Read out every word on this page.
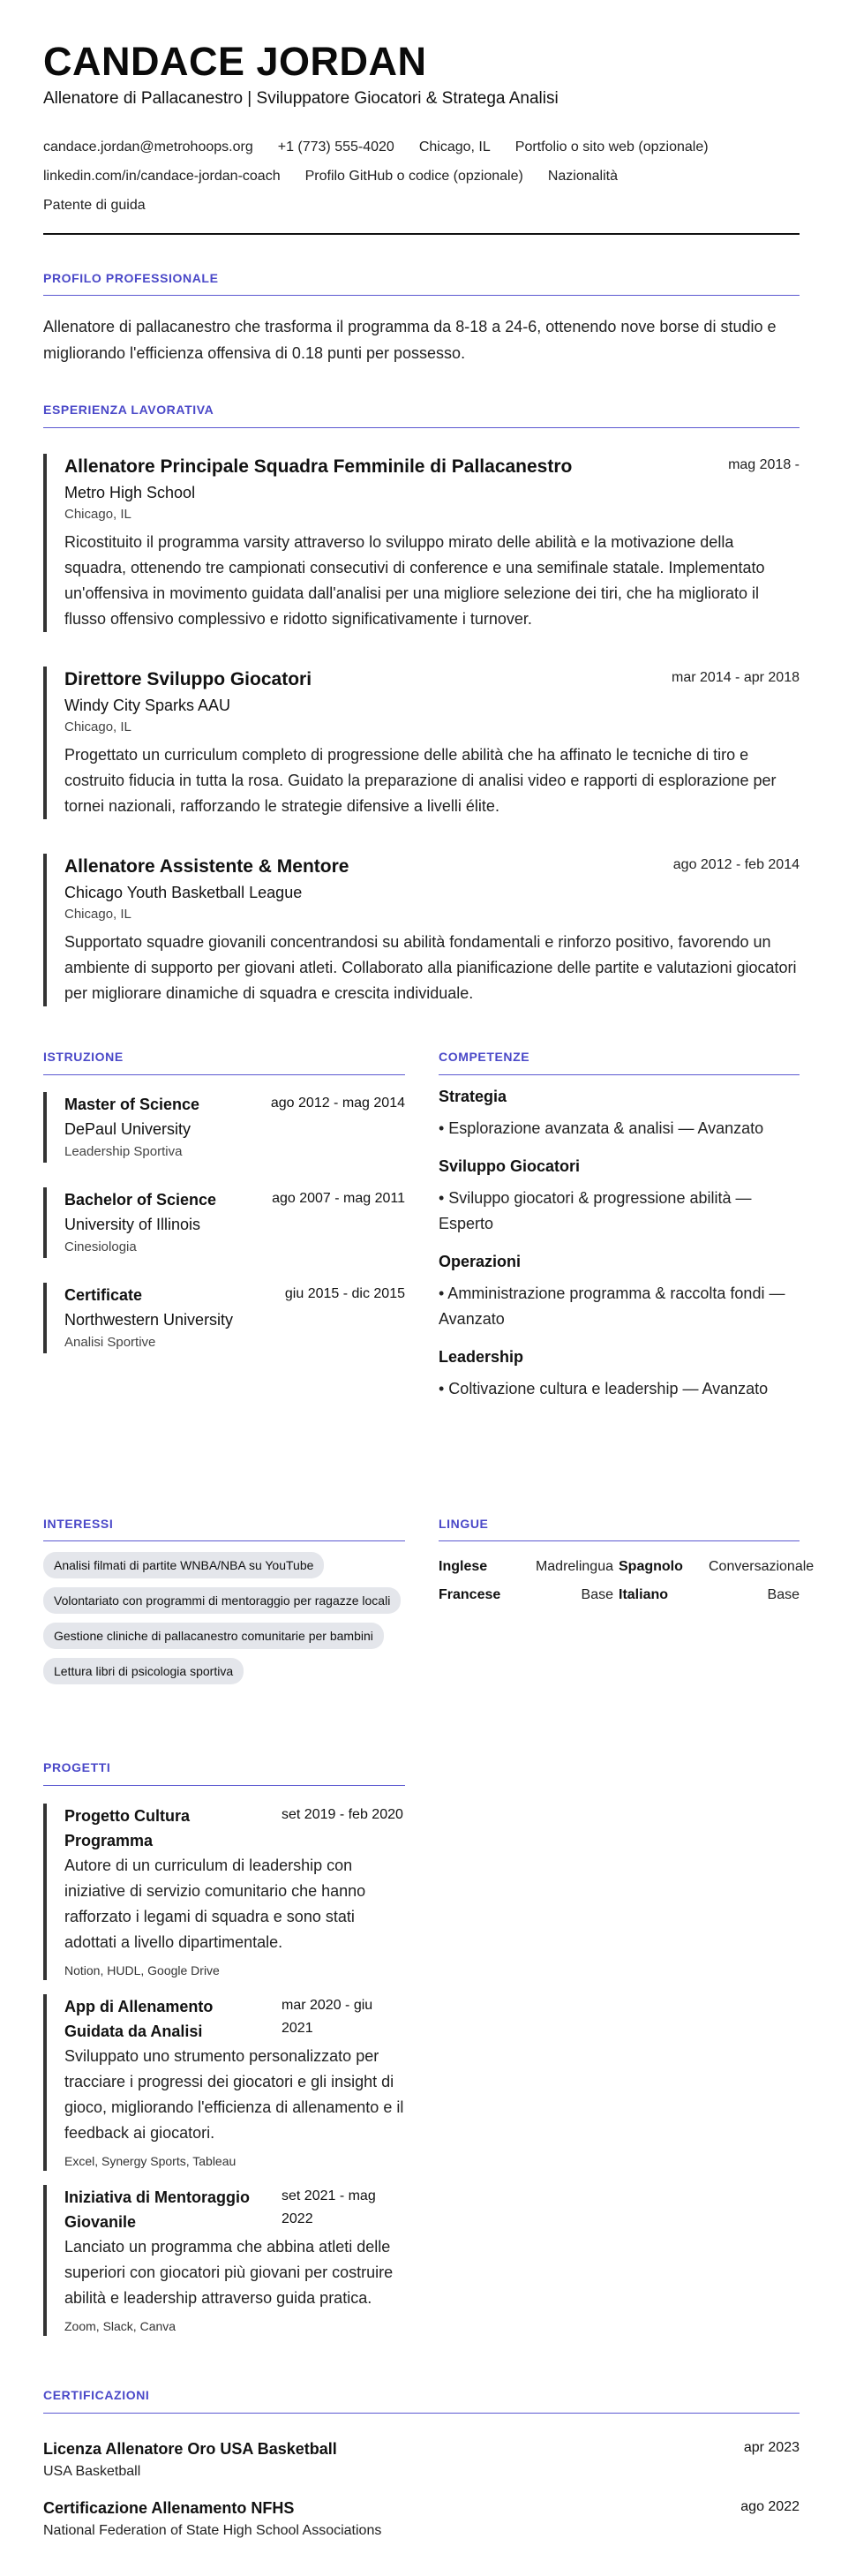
CANDACE JORDAN
Allenatore di Pallacanestro | Sviluppatore Giocatori & Stratega Analisi
candace.jordan@metrohoops.org +1 (773) 555-4020 Chicago, IL Portfolio o sito web (opzionale)
linkedin.com/in/candace-jordan-coach Profilo GitHub o codice (opzionale) Nazionalità
Patente di guida
PROFILO PROFESSIONALE
Allenatore di pallacanestro che trasforma il programma da 8-18 a 24-6, ottenendo nove borse di studio e migliorando l'efficienza offensiva di 0.18 punti per possesso.
ESPERIENZA LAVORATIVA
Allenatore Principale Squadra Femminile di Pallacanestro	mag 2018 -
Metro High School
Chicago, IL
Ricostituito il programma varsity attraverso lo sviluppo mirato delle abilità e la motivazione della squadra, ottenendo tre campionati consecutivi di conference e una semifinale statale. Implementato un'offensiva in movimento guidata dall'analisi per una migliore selezione dei tiri, che ha migliorato il flusso offensivo complessivo e ridotto significativamente i turnover.
Direttore Sviluppo Giocatori	mar 2014 - apr 2018
Windy City Sparks AAU
Chicago, IL
Progettato un curriculum completo di progressione delle abilità che ha affinato le tecniche di tiro e costruito fiducia in tutta la rosa. Guidato la preparazione di analisi video e rapporti di esplorazione per tornei nazionali, rafforzando le strategie difensive a livelli élite.
Allenatore Assistente & Mentore	ago 2012 - feb 2014
Chicago Youth Basketball League
Chicago, IL
Supportato squadre giovanili concentrandosi su abilità fondamentali e rinforzo positivo, favorendo un ambiente di supporto per giovani atleti. Collaborato alla pianificazione delle partite e valutazioni giocatori per migliorare dinamiche di squadra e crescita individuale.
ISTRUZIONE
Master of Science	ago 2012 - mag 2014
DePaul University
Leadership Sportiva
Bachelor of Science	ago 2007 - mag 2011
University of Illinois
Cinesiologia
Certificate	giu 2015 - dic 2015
Northwestern University
Analisi Sportive
COMPETENZE
Strategia
• Esplorazione avanzata & analisi — Avanzato
Sviluppo Giocatori
• Sviluppo giocatori & progressione abilità — Esperto
Operazioni
• Amministrazione programma & raccolta fondi — Avanzato
Leadership
• Coltivazione cultura e leadership — Avanzato
INTERESSI
Analisi filmati di partite WNBA/NBA su YouTube Volontariato con programmi di mentoraggio per ragazze locali Gestione cliniche di pallacanestro comunitarie per bambini Lettura libri di psicologia sportiva
LINGUE
Inglese	Madrelingua Spagnolo	Conversazionale
Francese	Base Italiano	Base
PROGETTI
Progetto Cultura Programma
set 2019 - feb 2020
Autore di un curriculum di leadership con iniziative di servizio comunitario che hanno rafforzato i legami di squadra e sono stati adottati a livello dipartimentale.
Notion, HUDL, Google Drive
App di Allenamento Guidata da Analisi
mar 2020 - giu 2021
Sviluppato uno strumento personalizzato per tracciare i progressi dei giocatori e gli insight di gioco, migliorando l'efficienza di allenamento e il feedback ai giocatori.
Excel, Synergy Sports, Tableau
Iniziativa di Mentoraggio Giovanile
set 2021 - mag 2022
Lanciato un programma che abbina atleti delle superiori con giocatori più giovani per costruire abilità e leadership attraverso guida pratica.
Zoom, Slack, Canva
CERTIFICAZIONI
Licenza Allenatore Oro USA Basketball	apr 2023
USA Basketball
Certificazione Allenamento NFHS	ago 2022
National Federation of State High School Associations
